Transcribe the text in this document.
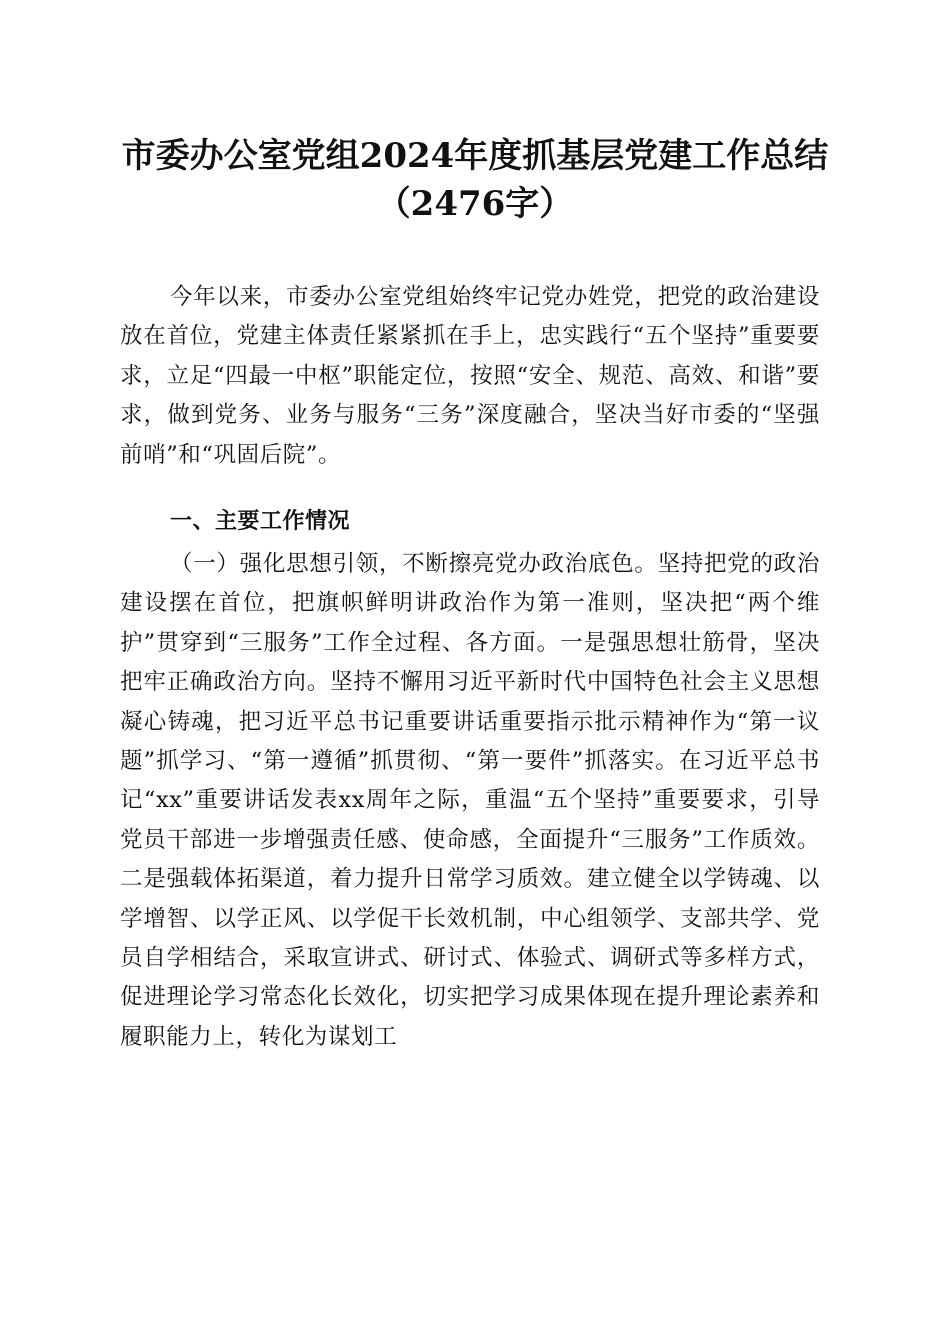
市委办公室党组2024年度抓基层党建工作总结（2476字）

今年以来，市委办公室党组始终牢记党办姓党，把党的政治建设放在首位，党建主体责任紧紧抓在手上，忠实践行“五个坚持”重要要求，立足“四最一中枢”职能定位，按照“安全、规范、高效、和谐”要求，做到党务、业务与服务“三务”深度融合，坚决当好市委的“坚强前哨”和“巩固后院”。

一、主要工作情况

（一）强化思想引领，不断擦亮党办政治底色。坚持把党的政治建设摆在首位，把旗帜鲜明讲政治作为第一准则，坚决把“两个维护”贯穿到“三服务”工作全过程、各方面。一是强思想壮筋骨，坚决把牢正确政治方向。坚持不懈用习近平新时代中国特色社会主义思想凝心铸魂，把习近平总书记重要讲话重要指示批示精神作为“第一议题”抓学习、“第一遵循”抓贯彻、“第一要件”抓落实。在习近平总书记“xx”重要讲话发表xx周年之际，重温“五个坚持”重要要求，引导党员干部进一步增强责任感、使命感，全面提升“三服务”工作质效。二是强载体拓渠道，着力提升日常学习质效。建立健全以学铸魂、以学增智、以学正风、以学促干长效机制，中心组领学、支部共学、党员自学相结合，采取宣讲式、研讨式、体验式、调研式等多样方式，促进理论学习常态化长效化，切实把学习成果体现在提升理论素养和履职能力上，转化为谋划工
